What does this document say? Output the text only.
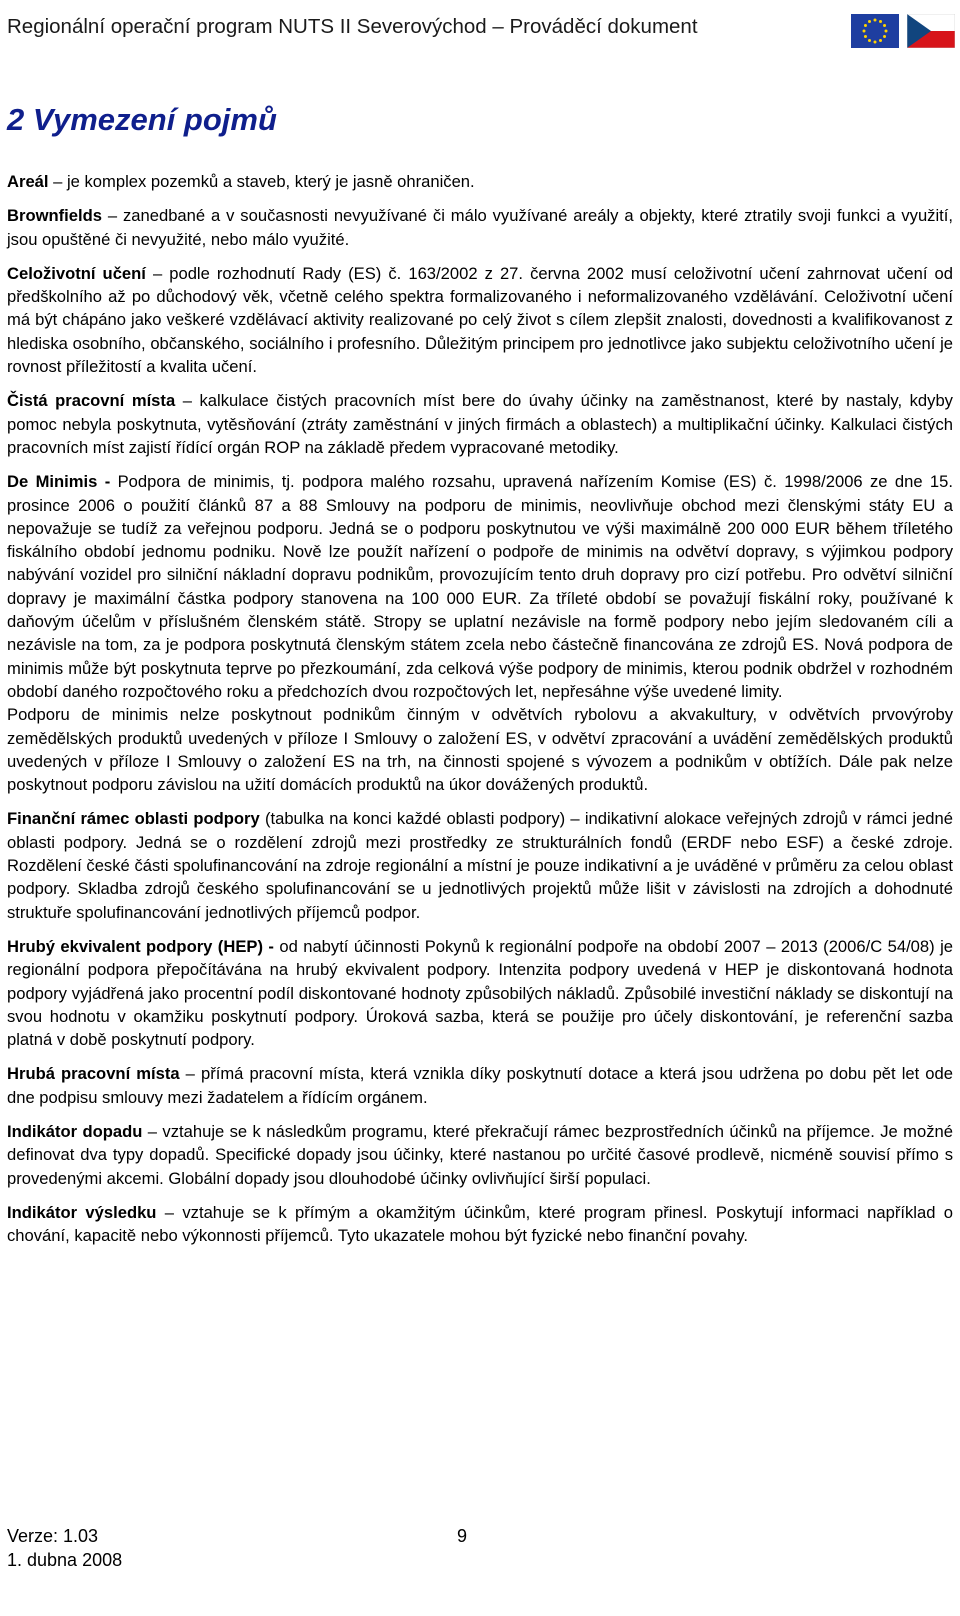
Regionální operační program NUTS II Severovýchod – Prováděcí dokument
2 Vymezení pojmů

Areál – je komplex pozemků a staveb, který je jasně ohraničen.

Brownfields – zanedbané a v současnosti nevyužívané či málo využívané areály a objekty, které ztratily svoji funkci a využití, jsou opuštěné či nevyužité, nebo málo využité.

Celoživotní učení – podle rozhodnutí Rady (ES) č. 163/2002 z 27. června 2002 musí celoživotní učení zahrnovat učení od předškolního až po důchodový věk, včetně celého spektra formalizovaného i neformalizovaného vzdělávání. Celoživotní učení má být chápáno jako veškeré vzdělávací aktivity realizované po celý život s cílem zlepšit znalosti, dovednosti a kvalifikovanost z hlediska osobního, občanského, sociálního i profesního. Důležitým principem pro jednotlivce jako subjektu celoživotního učení je rovnost příležitostí a kvalita učení.

Čistá pracovní místa – kalkulace čistých pracovních míst bere do úvahy účinky na zaměstnanost, které by nastaly, kdyby pomoc nebyla poskytnuta, vytěsňování (ztráty zaměstnání v jiných firmách a oblastech) a multiplikační účinky. Kalkulaci čistých pracovních míst zajistí řídící orgán ROP na základě předem vypracované metodiky.

De Minimis - Podpora de minimis, tj. podpora malého rozsahu, upravená nařízením Komise (ES) č. 1998/2006 ze dne 15. prosince 2006 o použití článků 87 a 88 Smlouvy na podporu de minimis, neovlivňuje obchod mezi členskými státy EU a nepovažuje se tudíž za veřejnou podporu. Jedná se o podporu poskytnutou ve výši maximálně 200 000 EUR během tříletého fiskálního období jednomu podniku. Nově lze použít nařízení o podpoře de minimis na odvětví dopravy, s výjimkou podpory nabývání vozidel pro silniční nákladní dopravu podnikům, provozujícím tento druh dopravy pro cizí potřebu. Pro odvětví silniční dopravy je maximální částka podpory stanovena na 100 000 EUR. Za tříleté období se považují fiskální roky, používané k daňovým účelům v příslušném členském státě. Stropy se uplatní nezávisle na formě podpory nebo jejím sledovaném cíli a nezávisle na tom, za je podpora poskytnutá členským státem zcela nebo částečně financována ze zdrojů ES. Nová podpora de minimis může být poskytnuta teprve po přezkoumání, zda celková výše podpory de minimis, kterou podnik obdržel v rozhodném období daného rozpočtového roku a předchozích dvou rozpočtových let, nepřesáhne výše uvedené limity.

Podporu de minimis nelze poskytnout podnikům činným v odvětvích rybolovu a akvakultury, v odvětvích prvovýroby zemědělských produktů uvedených v příloze I Smlouvy o založení ES, v odvětví zpracování a uvádění zemědělských produktů uvedených v příloze I Smlouvy o založení ES na trh, na činnosti spojené s vývozem a podnikům v obtížích. Dále pak nelze poskytnout podporu závislou na užití domácích produktů na úkor dovážených produktů.

Finanční rámec oblasti podpory (tabulka na konci každé oblasti podpory) – indikativní alokace veřejných zdrojů v rámci jedné oblasti podpory. Jedná se o rozdělení zdrojů mezi prostředky ze strukturálních fondů (ERDF nebo ESF) a české zdroje. Rozdělení české části spolufinancování na zdroje regionální a místní je pouze indikativní a je uváděné v průměru za celou oblast podpory. Skladba zdrojů českého spolufinancování se u jednotlivých projektů může lišit v závislosti na zdrojích a dohodnuté struktuře spolufinancování jednotlivých příjemců podpor.

Hrubý ekvivalent podpory (HEP) - od nabytí účinnosti Pokynů k regionální podpoře na období 2007 – 2013 (2006/C 54/08) je regionální podpora přepočítávána na hrubý ekvivalent podpory. Intenzita podpory uvedená v HEP je diskontovaná hodnota podpory vyjádřená jako procentní podíl diskontované hodnoty způsobilých nákladů. Způsobilé investiční náklady se diskontují na svou hodnotu v okamžiku poskytnutí podpory. Úroková sazba, která se použije pro účely diskontování, je referenční sazba platná v době poskytnutí podpory.

Hrubá pracovní místa – přímá pracovní místa, která vznikla díky poskytnutí dotace a která jsou udržena po dobu pět let ode dne podpisu smlouvy mezi žadatelem a řídícím orgánem.

Indikátor dopadu – vztahuje se k následkům programu, které překračují rámec bezprostředních účinků na příjemce. Je možné definovat dva typy dopadů. Specifické dopady jsou účinky, které nastanou po určité časové prodlevě, nicméně souvisí přímo s provedenými akcemi. Globální dopady jsou dlouhodobé účinky ovlivňující širší populaci.

Indikátor výsledku – vztahuje se k přímým a okamžitým účinkům, které program přinesl. Poskytují informaci například o chování, kapacitě nebo výkonnosti příjemců. Tyto ukazatele mohou být fyzické nebo finanční povahy.

Verze: 1.03
1. dubna 2008
9
